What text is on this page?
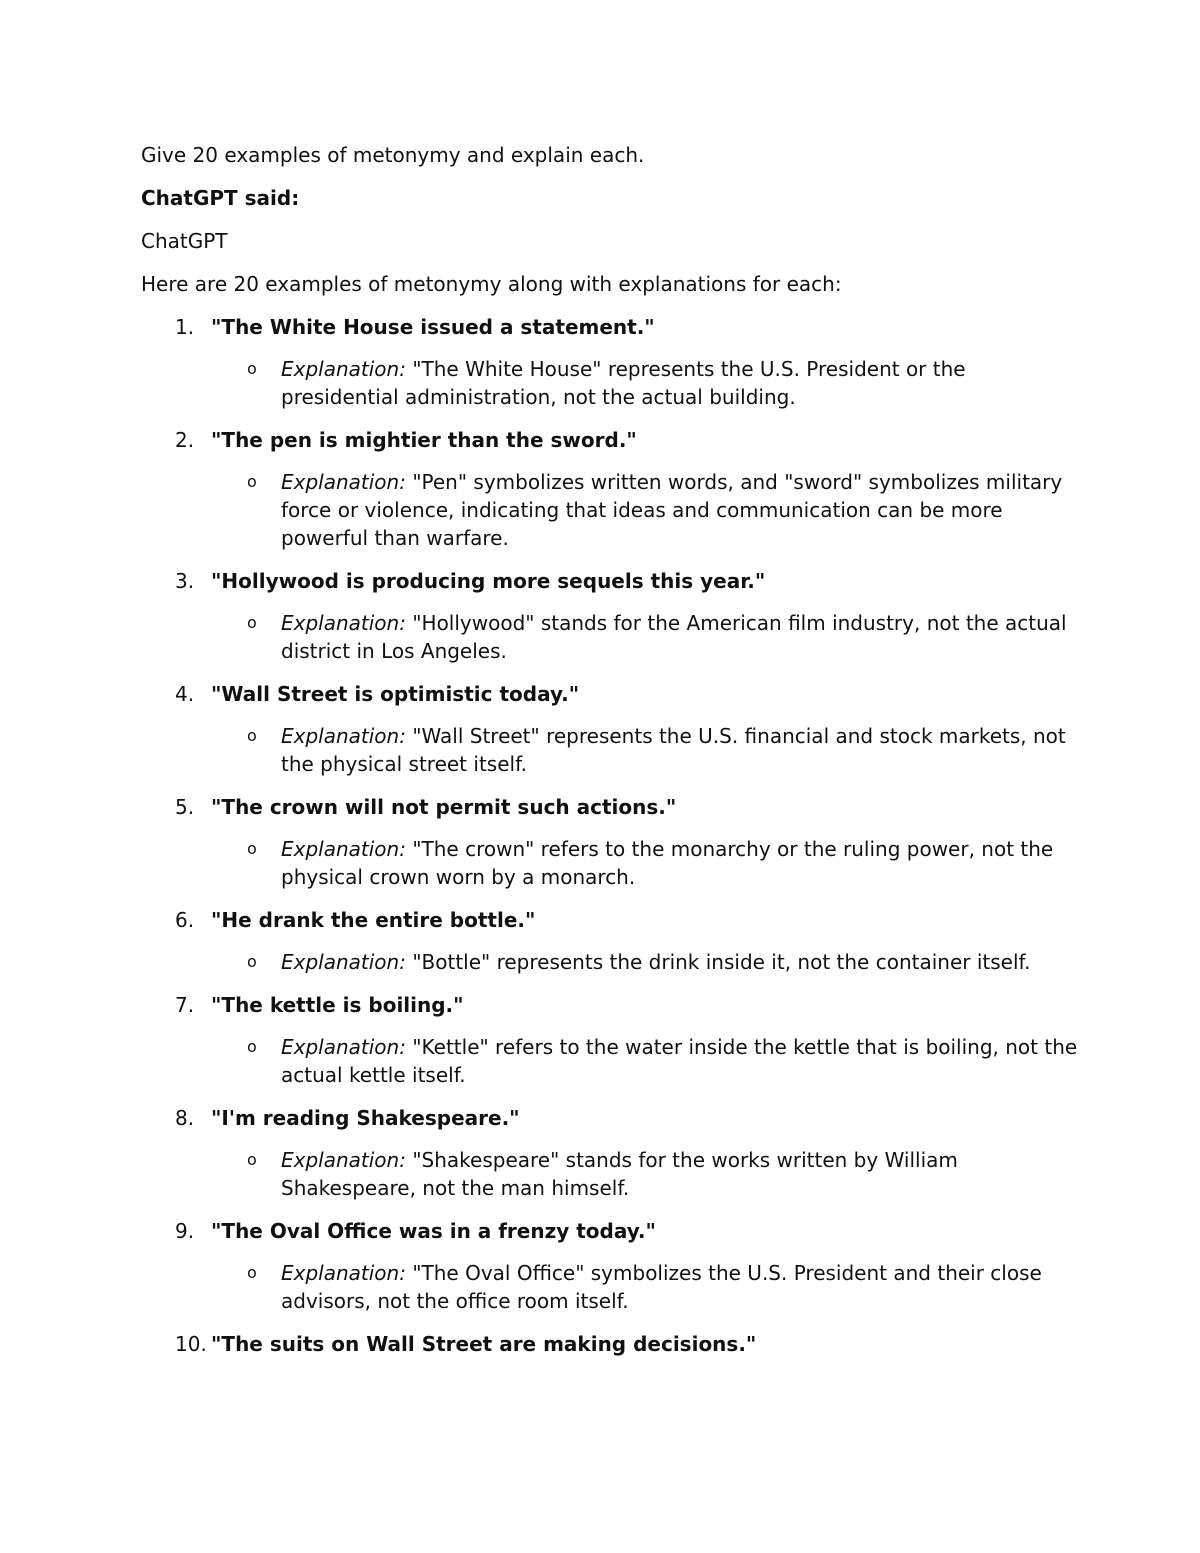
Give 20 examples of metonymy and explain each.

ChatGPT said:

ChatGPT

Here are 20 examples of metonymy along with explanations for each:

1. "The White House issued a statement."
o Explanation: "The White House" represents the U.S. President or the presidential administration, not the actual building.
2. "The pen is mightier than the sword."
o Explanation: "Pen" symbolizes written words, and "sword" symbolizes military force or violence, indicating that ideas and communication can be more powerful than warfare.
3. "Hollywood is producing more sequels this year."
o Explanation: "Hollywood" stands for the American film industry, not the actual district in Los Angeles.
4. "Wall Street is optimistic today."
o Explanation: "Wall Street" represents the U.S. financial and stock markets, not the physical street itself.
5. "The crown will not permit such actions."
o Explanation: "The crown" refers to the monarchy or the ruling power, not the physical crown worn by a monarch.
6. "He drank the entire bottle."
o Explanation: "Bottle" represents the drink inside it, not the container itself.
7. "The kettle is boiling."
o Explanation: "Kettle" refers to the water inside the kettle that is boiling, not the actual kettle itself.
8. "I'm reading Shakespeare."
o Explanation: "Shakespeare" stands for the works written by William Shakespeare, not the man himself.
9. "The Oval Office was in a frenzy today."
o Explanation: "The Oval Office" symbolizes the U.S. President and their close advisors, not the office room itself.
10. "The suits on Wall Street are making decisions."
